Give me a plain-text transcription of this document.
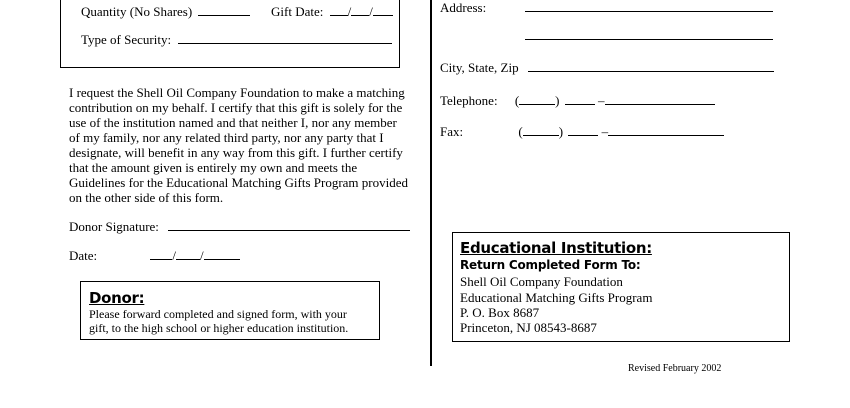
Quantity (No Shares)	Gift Date: / /
Type of Security:
I request the Shell Oil Company Foundation to make a matching contribution on my behalf. I certify that this gift is solely for the use of the institution named and that neither I, nor any member of my family, nor any related third party, nor any party that I designate, will benefit in any way from this gift. I further certify that the amount given is entirely my own and meets the Guidelines for the Educational Matching Gifts Program provided on the other side of this form.
Donor Signature:
Date:	/ /
Donor:
Please forward completed and signed form, with your
gift, to the high school or higher education institution.
Address:
City, State, Zip
Telephone: (	)	–
Fax:	(	)	–
Educational Institution:
Return Completed Form To:
Shell Oil Company Foundation
Educational Matching Gifts Program
P. O. Box 8687
Princeton, NJ 08543-8687
Revised February 2002
